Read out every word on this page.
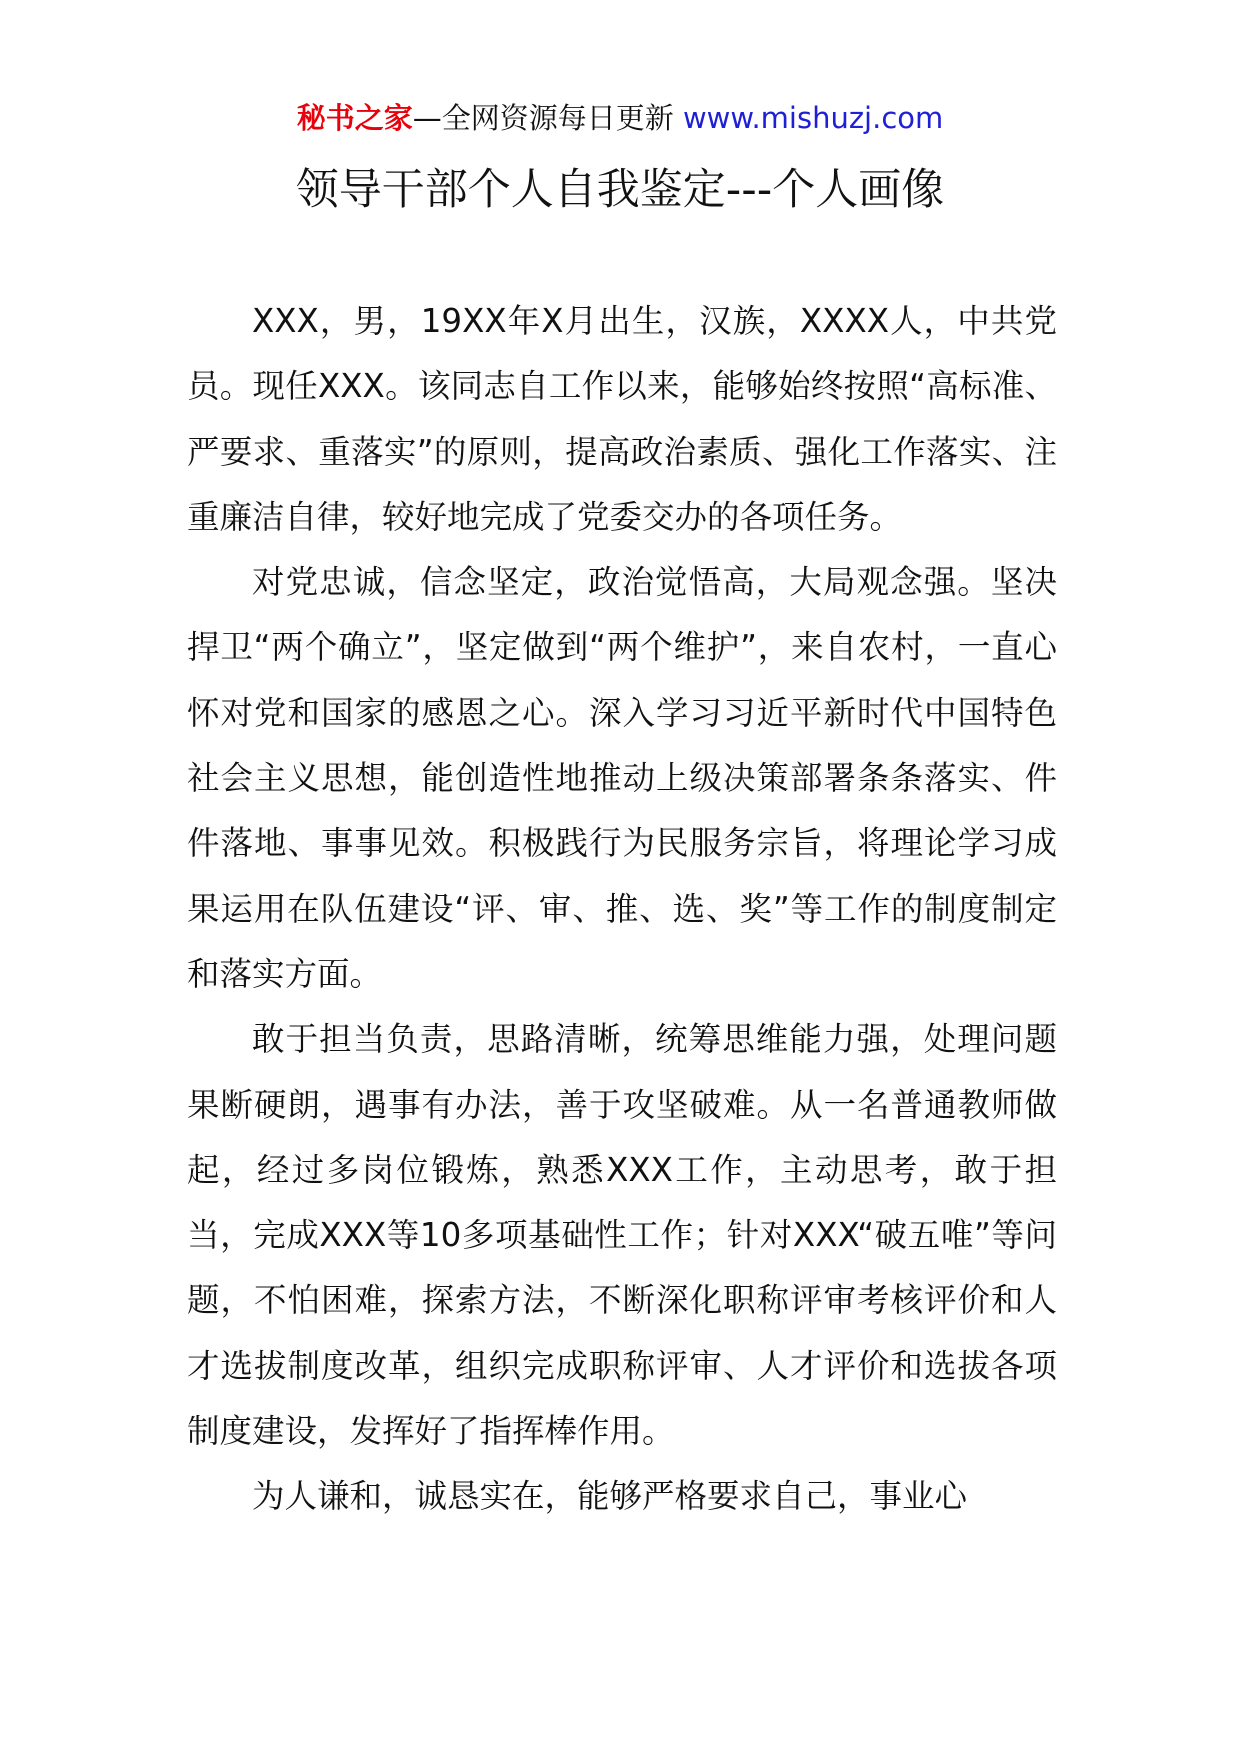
秘书之家—全网资源每日更新 www.mishuzj.com
领导干部个人自我鉴定---个人画像

XXX，男，19XX年X月出生，汉族，XXXX人，中共党员。现任XXX。该同志自工作以来，能够始终按照“高标准、严要求、重落实”的原则，提高政治素质、强化工作落实、注重廉洁自律，较好地完成了党委交办的各项任务。

对党忠诚，信念坚定，政治觉悟高，大局观念强。坚决捍卫“两个确立”，坚定做到“两个维护”，来自农村，一直心怀对党和国家的感恩之心。深入学习习近平新时代中国特色社会主义思想，能创造性地推动上级决策部署条条落实、件件落地、事事见效。积极践行为民服务宗旨，将理论学习成果运用在队伍建设“评、审、推、选、奖”等工作的制度制定和落实方面。

敢于担当负责，思路清晰，统筹思维能力强，处理问题果断硬朗，遇事有办法，善于攻坚破难。从一名普通教师做起，经过多岗位锻炼，熟悉XXX工作，主动思考，敢于担当，完成XXX等10多项基础性工作；针对XXX“破五唯”等问题，不怕困难，探索方法，不断深化职称评审考核评价和人才选拔制度改革，组织完成职称评审、人才评价和选拔各项制度建设，发挥好了指挥棒作用。

为人谦和，诚恳实在，能够严格要求自己，事业心
